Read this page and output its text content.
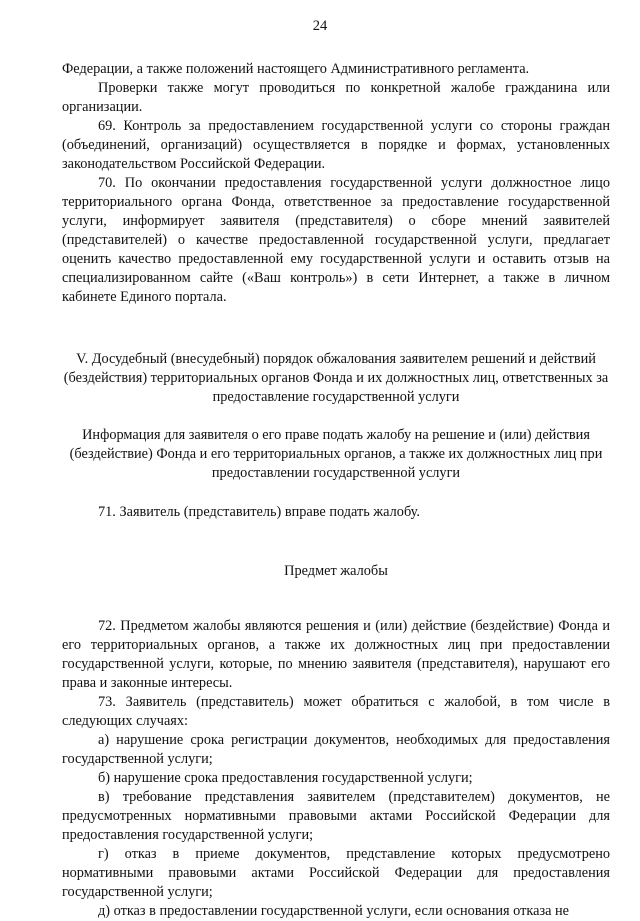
24

Федерации, а также положений настоящего Административного регламента.

Проверки также могут проводиться по конкретной жалобе гражданина или организации.

69. Контроль за предоставлением государственной услуги со стороны граждан (объединений, организаций) осуществляется в порядке и формах, установленных законодательством Российской Федерации.

70. По окончании предоставления государственной услуги должностное лицо территориального органа Фонда, ответственное за предоставление государственной услуги, информирует заявителя (представителя) о сборе мнений заявителей (представителей) о качестве предоставленной государственной услуги, предлагает оценить качество предоставленной ему государственной услуги и оставить отзыв на специализированном сайте («Ваш контроль») в сети Интернет, а также в личном кабинете Единого портала.

V. Досудебный (внесудебный) порядок обжалования заявителем решений и действий (бездействия) территориальных органов Фонда и их должностных лиц, ответственных за предоставление государственной услуги

Информация для заявителя о его праве подать жалобу на решение и (или) действия (бездействие) Фонда и его территориальных органов, а также их должностных лиц при предоставлении государственной услуги

71. Заявитель (представитель) вправе подать жалобу.

Предмет жалобы

72. Предметом жалобы являются решения и (или) действие (бездействие) Фонда и его территориальных органов, а также их должностных лиц при предоставлении государственной услуги, которые, по мнению заявителя (представителя), нарушают его права и законные интересы.

73. Заявитель (представитель) может обратиться с жалобой, в том числе в следующих случаях:

а) нарушение срока регистрации документов, необходимых для предоставления государственной услуги;

б) нарушение срока предоставления государственной услуги;

в) требование представления заявителем (представителем) документов, не предусмотренных нормативными правовыми актами Российской Федерации для предоставления государственной услуги;

г) отказ в приеме документов, представление которых предусмотрено нормативными правовыми актами Российской Федерации для предоставления государственной услуги;

д) отказ в предоставлении государственной услуги, если основания отказа не
